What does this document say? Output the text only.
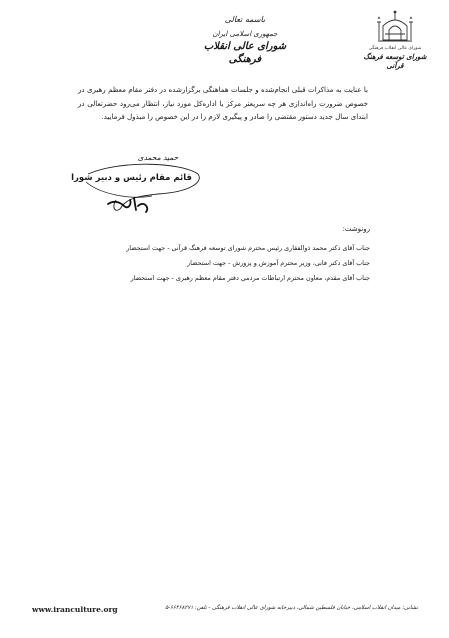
باسمه تعالی
جمهوری اسلامی ایران
شورای عالی انقلاب فرهنگی
شورای عالی انقلاب فرهنگی
شورای توسعه فرهنگ قرآنی
با عنایت به مذاکرات قبلی انجام‌شده و جلسات هماهنگی برگزارشده در دفتر مقام معظم رهبری در خصوص ضرورت راه‌اندازی هر چه سریعتر مرکز یا اداره‌کل مورد نیاز، انتظار می‌رود حضرتعالی در ابتدای سال جدید دستور مقتضی را صادر و پیگیری لازم را در این خصوص را مبذول فرمایید.
حمید محمدی
قائم مقام رئیس و دبیر شورا
رونوشت:
جناب آقای دکتر محمد ذوالفقاری رئیس محترم شورای توسعه فرهنگ قرآنی - جهت استحضار
جناب آقای دکتر فانی، وزیر محترم آموزش و پرورش - جهت استحضار
جناب آقای مقدم، معاون محترم ارتباطات مردمی دفتر مقام معظم رهبری - جهت استحضار
www.iranculture.org	نشانی: میدان انقلاب اسلامی، خیابان فلسطین شمالی، دبیرخانه شورای عالی انقلاب فرهنگی - تلفن: ۶۶۴۶۸۲۷۱-۵
